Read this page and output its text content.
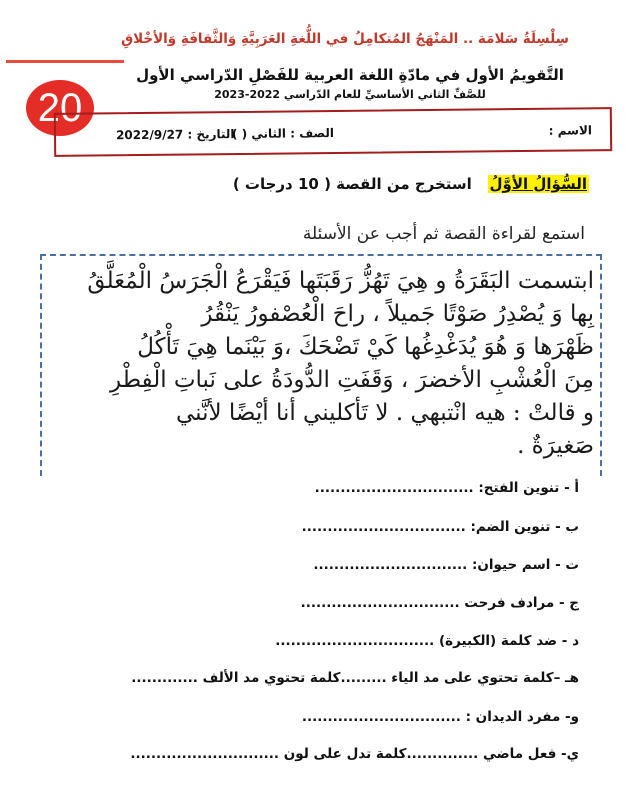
سِلْسِلَةُ سَلامَة .. المَنْهَجُ المُتكامِلُ في اللُّغةِ العَرَبِيَّةِ وَالثَّقافَةِ وَالأخْلاقِ
20
التَّقويمُ الأول في مادّةِ اللغة العربية للفَصْلِ الدّراسي الأول
للصَّفِّ الثاني الأساسيِّ للعام الدّراسي 2022-2023
الاسم :
الصف : الثاني ( )
التاريخ : 2022/9/27
السُّؤالُ الأوَّلُ   استخرج من القصة ( 10 درجات )
استمع لقراءة القصة ثم أجب عن الأسئلة
ابتسمت البَقَرَةُ و هِيَ تَهُزُّ رَقَبَتَها فَيَقْرَعُ الْجَرَسُ الْمُعَلَّقُ
بِها وَ يُصْدِرُ صَوْتًا جَميلاً ، راحَ الْعُصْفورُ يَنْقُرُ
ظَهْرَها وَ هُوَ يُدَغْدِغُها كَيْ تَضْحَكَ ،وَ بَيْنَما هِيَ تَأْكُلُ
مِنَ الْعُشْبِ الأخضرَ ، وَقَفَتِ الدُّودَةُ على نَباتِ الْفِطْرِ
و قالتْ : هيه انْتبهي . لا تَأكليني أنا أيْضًا لأنَّني
صَغيرَةٌ .
أ - تنوين الفتح: ...............................
ب - تنوين الضم: ................................
ت - اسم حيوان: ..............................
ج - مرادف فرحت ...............................
د - ضد كلمة (الكبيرة) ...............................
هـ –كلمة تحتوي على مد الياء .........كلمة تحتوي مد الألف .............
و- مفرد الديدان : ...............................
ي- فعل ماضي ..............كلمة تدل على لون .............................
